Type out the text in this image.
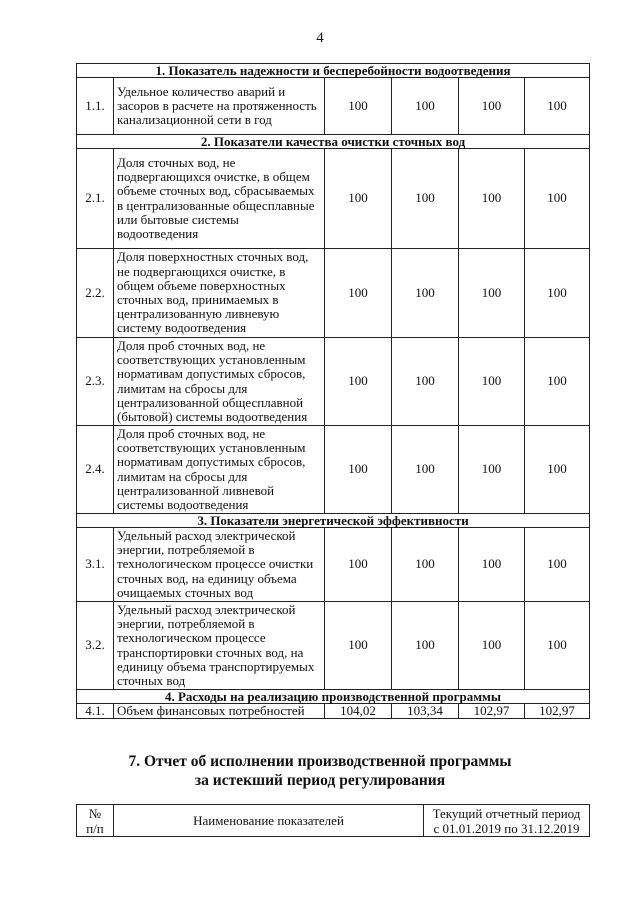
4
1. Показатель надежности и бесперебойности водоотведения					
1.1.	Удельное количество аварий и засоров в расчете на протяженность канализационной сети в год	100	100	100	100
2. Показатели качества очистки сточных вод					
2.1.	Доля сточных вод, не подвергающихся очистке, в общем объеме сточных вод, сбрасываемых в централизованные общесплавные или бытовые системы водоотведения	100	100	100	100
2.2.	Доля поверхностных сточных вод, не подвергающихся очистке, в общем объеме поверхностных сточных вод, принимаемых в централизованную ливневую систему водоотведения	100	100	100	100
2.3.	Доля проб сточных вод, не соответствующих установленным нормативам допустимых сбросов, лимитам на сбросы для централизованной общесплавной (бытовой) системы водоотведения	100	100	100	100
2.4.	Доля проб сточных вод, не соответствующих установленным нормативам допустимых сбросов, лимитам на сбросы для централизованной ливневой системы водоотведения	100	100	100	100
3. Показатели энергетической эффективности					
3.1.	Удельный расход электрической энергии, потребляемой в технологическом процессе очистки сточных вод, на единицу объема очищаемых сточных вод	100	100	100	100
3.2.	Удельный расход электрической энергии, потребляемой в технологическом процессе транспортировки сточных вод, на единицу объема транспортируемых сточных вод	100	100	100	100
4. Расходы на реализацию производственной программы					
4.1.	Объем финансовых потребностей	104,02	103,34	102,97	102,97
7. Отчет об исполнении производственной программы
за истекший период регулирования
№
п/п	Наименование показателей	Текущий отчетный период
с 01.01.2019 по 31.12.2019
